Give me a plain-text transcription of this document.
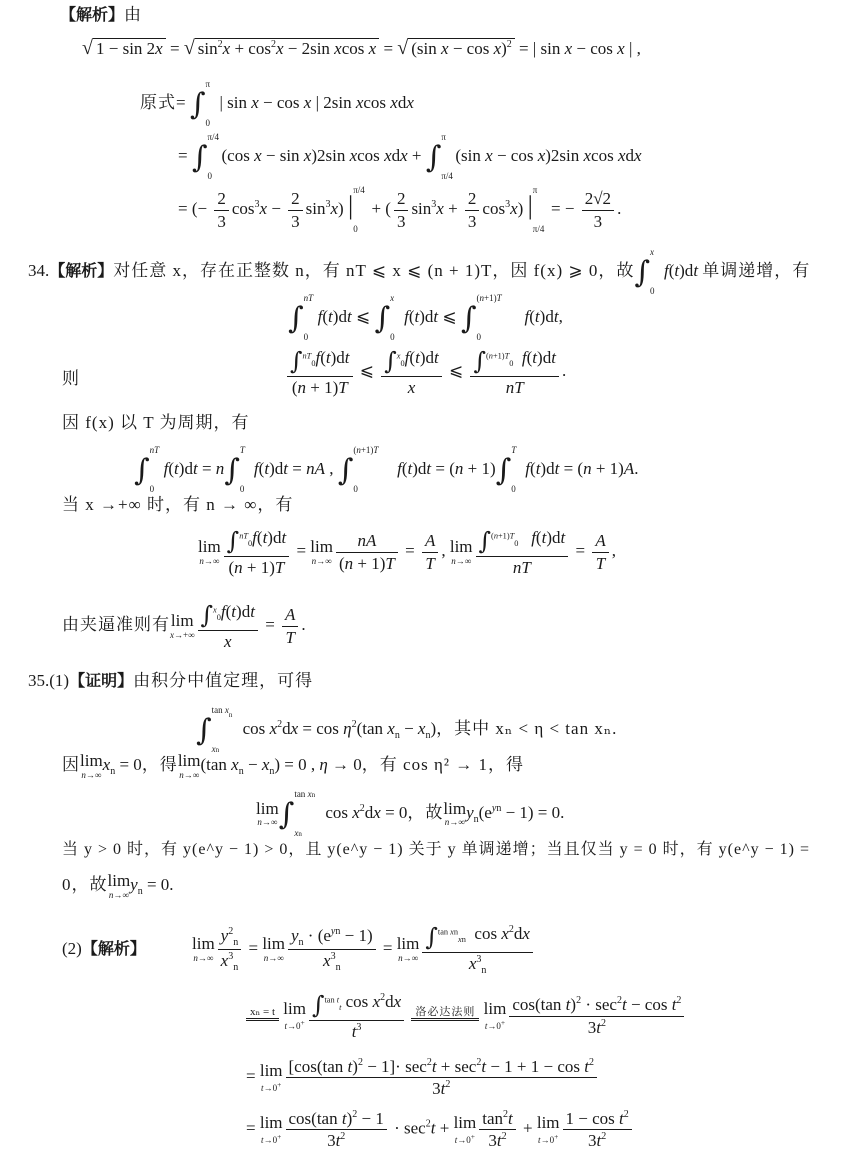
【解析】由
√ 1 − sin 2x = √ $\sin^2x + \cos^2x - 2\sin$ xcos x = √ (sin x − cos x)$^2$ = | sin x − cos x | ,
原式= ∫
π
0
| sin x − cos x | 2sin xcos xdx
= ∫
π/4
0
(cos x − sin x)2sin xcos xdx + ∫
π
π/4
(sin x − cos x)2sin xcos xdx
= (− $\frac{2}{3} \cos^3x - \frac{2}{3} \sin^3x$) |
π/4
0
+ ( $\frac{2}{3} \sin^3x + \frac{2}{3} \cos^3x$) |
π
π/4
= − $\frac{2√2}{3}$ .
34.【解析】对任意 x，存在正整数 n，有 nT ⩽ x ⩽ (n + 1)T，因 f(x) ⩾ 0，故∫
x
0
f(t)dt 单调递增，有
∫
nT
0
f(t)dt ⩽ ∫
x
0
f(t)dt ⩽ ∫
(n+1)T
0
f(t)dt,
则	$\frac{\int^{nT}_0f(t)dt}{(n + 1)T}$ ⩽ $\frac{\int^x_0f(t)dt}{x}$ ⩽ $\frac{\int^{(n+1)T}_0 f(t)dt}{nT}$ .
因 f(x) 以 T 为周期，有
∫
nT
0
f(t)dt = n∫
T
0
f(t)dt = nA , ∫
(n+1)T
0
f(t)dt = (n + 1)∫
T
0
f(t)dt = (n + 1)A.
当 x →+∞ 时，有 n → ∞，有
lim
$n\to\infty \frac{\int^{nT}_0f(t)dt}{(n + 1)T} = \lim$
$n\to\infty \frac{nA}{(n + 1)T} = \frac{A}{T}$ , lim
$n\to\infty \frac{\int^{(n+1)T}_0 f(t)dt}{nT} = \frac{A}{T}$ ,
由夹逼准则有 lim
$x\to+\infty \frac{\int^x_0f(t)dt}{x} = \frac{A}{T}$ .
35.(1)【证明】由积分中值定理，可得
∫
$\tan x_n$
xn
$\cos x^2dx = \cos \eta^2(\tan$ $x_n - x_n$)，其中 xₙ < η < tan xₙ.
因 lim
n→∞
$x_n = 0$，得 lim
n→∞
(tan $x_n - x_n) = 0$ , η → 0，有 cos η² → 1，得
lim
n→∞ ∫
tan xn
xn
$\cos x^2dx = 0$，故 lim
n→∞
$y_n(e^{yn} - 1) = 0$.
当 y > 0 时，有 y(e^y − 1) > 0，且 y(e^y − 1) 关于 y 单调递增；当且仅当 y = 0 时，有 y(e^y − 1) =
0，故 lim
n→∞
$y_n = 0$.
(2)【解析】	lim
$n\to\infty \frac{y^2_n}{x^3_n} = \lim$
$n\to\infty \frac{y_n \cdot (e^{yn} - 1)}{x^3_n} = \lim$
$n\to\infty \frac{\int^{tan xn}_{xn} \cos x^2dx}{x^3_n}$
xₙ = t
lim
$t\to 0^+ \frac{\int^{tan t}_t \cos x^2dx}{t^3}$
	洛必达法则
lim
$t\to 0^+ \frac{\cos(\tan t)^2 \cdot \sec^2t - \cos t^2}{3t^2}$
= lim
$t\to 0^+ \frac{[\cos(\tan t)^2 - 1]\cdot \sec^2t + \sec^2t - 1 + 1 - \cos t^2}{3t^2}$
= lim
$t\to 0^+ \frac{\cos(\tan t)^2 - 1}{3t^2} \cdot \sec^2t + \lim$
$t\to 0^+ \frac{\tan^2t}{3t^2} + \lim$
$t\to 0^+ \frac{1 - \cos t^2}{3t^2}$
